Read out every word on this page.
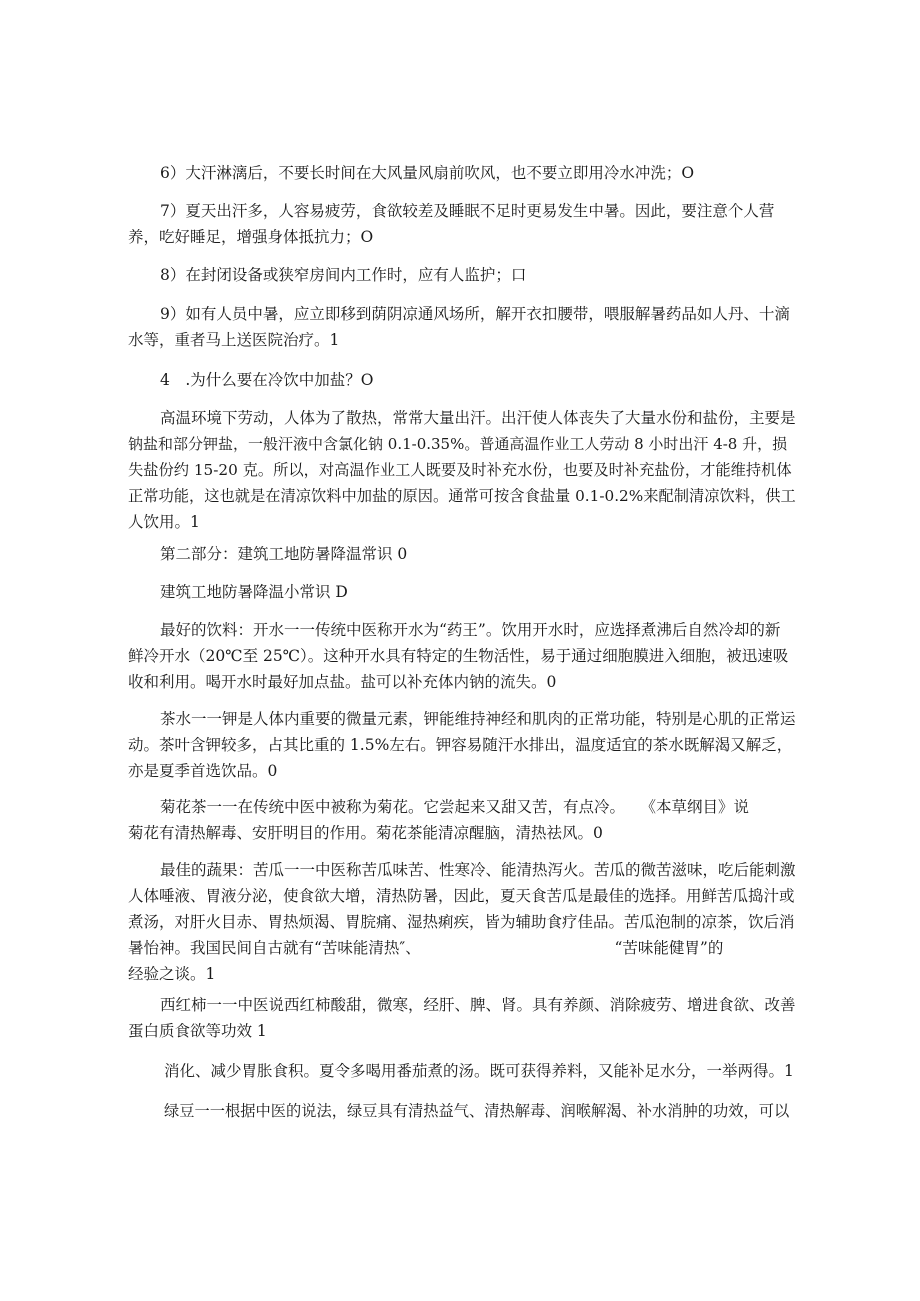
6）大汗淋漓后，不要长时间在大风量风扇前吹风，也不要立即用冷水冲洗；O

7）夏天出汗多，人容易疲劳，食欲较差及睡眠不足时更易发生中暑。因此，要注意个人营
养，吃好睡足，增强身体抵抗力；O

8）在封闭设备或狭窄房间内工作时，应有人监护；口

9）如有人员中暑，应立即移到荫阴凉通风场所，解开衣扣腰带，喂服解暑药品如人丹、十滴
水等，重者马上送医院治疗。1

4　.为什么要在冷饮中加盐？O

高温环境下劳动，人体为了散热，常常大量出汗。出汗使人体丧失了大量水份和盐份，主要是
钠盐和部分钾盐，一般汗液中含氯化钠 0.1-0.35%。普通高温作业工人劳动 8 小时出汗 4-8 升，损
失盐份约 15-20 克。所以，对高温作业工人既要及时补充水份，也要及时补充盐份，才能维持机体
正常功能，这也就是在清凉饮料中加盐的原因。通常可按含食盐量 0.1-0.2%来配制清凉饮料，供工
人饮用。1

第二部分：建筑工地防暑降温常识 0

建筑工地防暑降温小常识 D

最好的饮料：开水一一传统中医称开水为“药王”。饮用开水时，应选择煮沸后自然冷却的新
鲜冷开水（20℃至 25℃）。这种开水具有特定的生物活性，易于通过细胞膜进入细胞，被迅速吸
收和利用。喝开水时最好加点盐。盐可以补充体内钠的流失。0

茶水一一钾是人体内重要的微量元素，钾能维持神经和肌肉的正常功能，特别是心肌的正常运
动。茶叶含钾较多，占其比重的 1.5%左右。钾容易随汗水排出，温度适宜的茶水既解渴又解乏，
亦是夏季首选饮品。0

菊花茶一一在传统中医中被称为菊花。它尝起来又甜又苦，有点冷。　　《本草纲目》说
菊花有清热解毒、安肝明目的作用。菊花茶能清凉醒脑，清热祛风。0

最佳的蔬果：苦瓜一一中医称苦瓜味苦、性寒冷、能清热泻火。苦瓜的微苦滋味，吃后能刺激
人体唾液、胃液分泌，使食欲大增，清热防暑，因此，夏天食苦瓜是最佳的选择。用鲜苦瓜捣汁或
煮汤，对肝火目赤、胃热烦渴、胃脘痛、湿热痢疾，皆为辅助食疗佳品。苦瓜泡制的凉茶，饮后消
暑怡神。我国民间自古就有“苦味能清热″、　　　　　　　　　　　　　“苦味能健胃”的
经验之谈。1

西红柿一一中医说西红柿酸甜，微寒，经肝、脾、肾。具有养颜、消除疲劳、增进食欲、改善
蛋白质食欲等功效 1

消化、减少胃胀食积。夏令多喝用番茄煮的汤。既可获得养料，又能补足水分，一举两得。1

绿豆一一根据中医的说法，绿豆具有清热益气、清热解毒、润喉解渴、补水消肿的功效，可以
